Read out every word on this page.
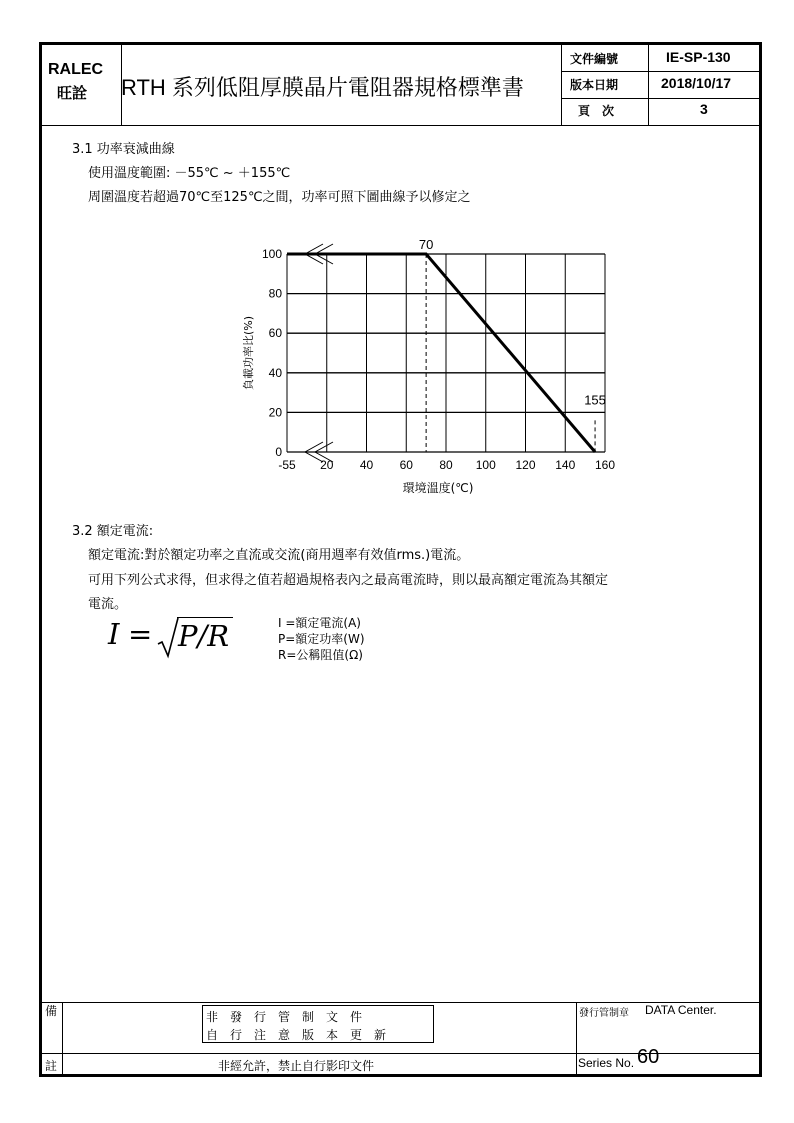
RALEC
旺詮 RTH 系列低阻厚膜晶片電阻器規格標準書
文件編號	IE-SP-130
版本日期	2018/10/17
頁　次	3
3.1 功率衰減曲線
使用溫度範圍: －55℃ ~ ＋155℃
周圍溫度若超過70℃至125℃之間，功率可照下圖曲線予以修定之
0
20
40
60
80
100
-55 20 40 60 80 100 120 140 160
70
155
負載功率比(%)
環境溫度(℃)
3.2 額定電流:
額定電流:對於額定功率之直流或交流(商用週率有效值rms.)電流。
可用下列公式求得，但求得之值若超過規格表內之最高電流時，則以最高額定電流為其額定
電流。
I = P/R	I =額定電流(A)
P=額定功率(W)
R=公稱阻值(Ω)
備
註
非　發　行　管　制　文　件
自　行　注　意　版　本　更　新
非經允許，禁止自行影印文件
發行管制章 DATA Center.
Series No. 60
